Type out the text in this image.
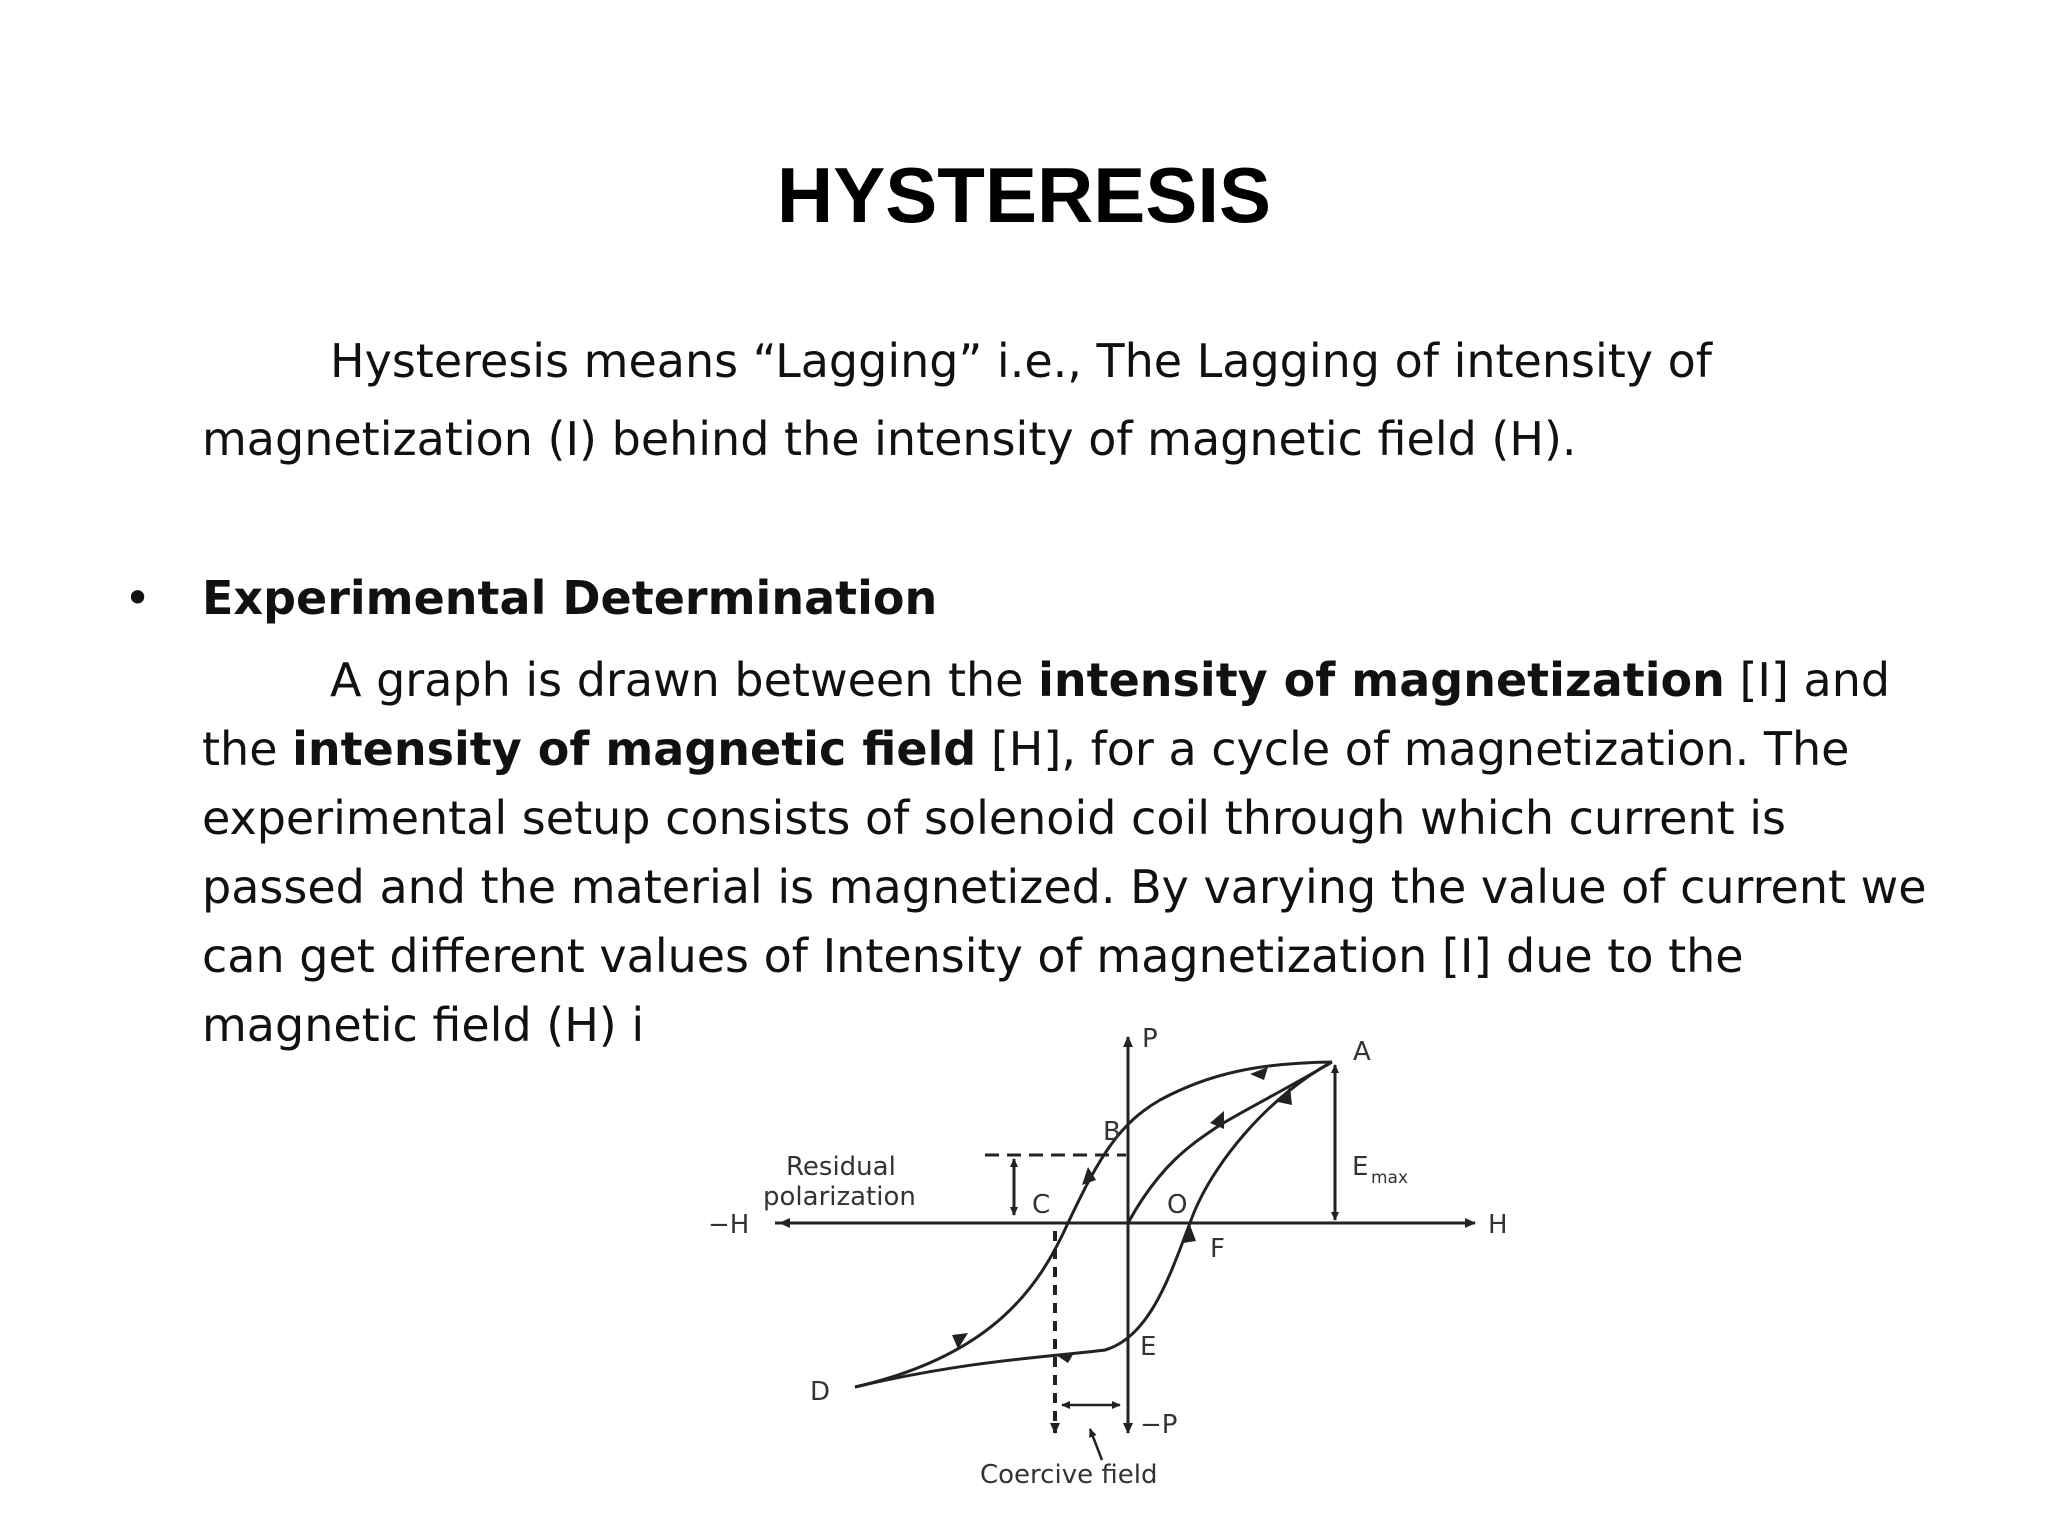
HYSTERESIS
Hysteresis means “Lagging” i.e., The Lagging of intensity of
magnetization (I) behind the intensity of magnetic field (H).
• Experimental Determination

A graph is drawn between the intensity of magnetization [I] and the intensity of magnetic field [H], for a cycle of magnetization. The experimental setup consists of solenoid coil through which current is passed and the material is magnetized. By varying the value of current we can get different values of Intensity of magnetization [I] due to the magnetic field (H) i	P
−P
H
−H
A
B
C
D
E
F
O
E max
Residual
polarization
Coercive field
